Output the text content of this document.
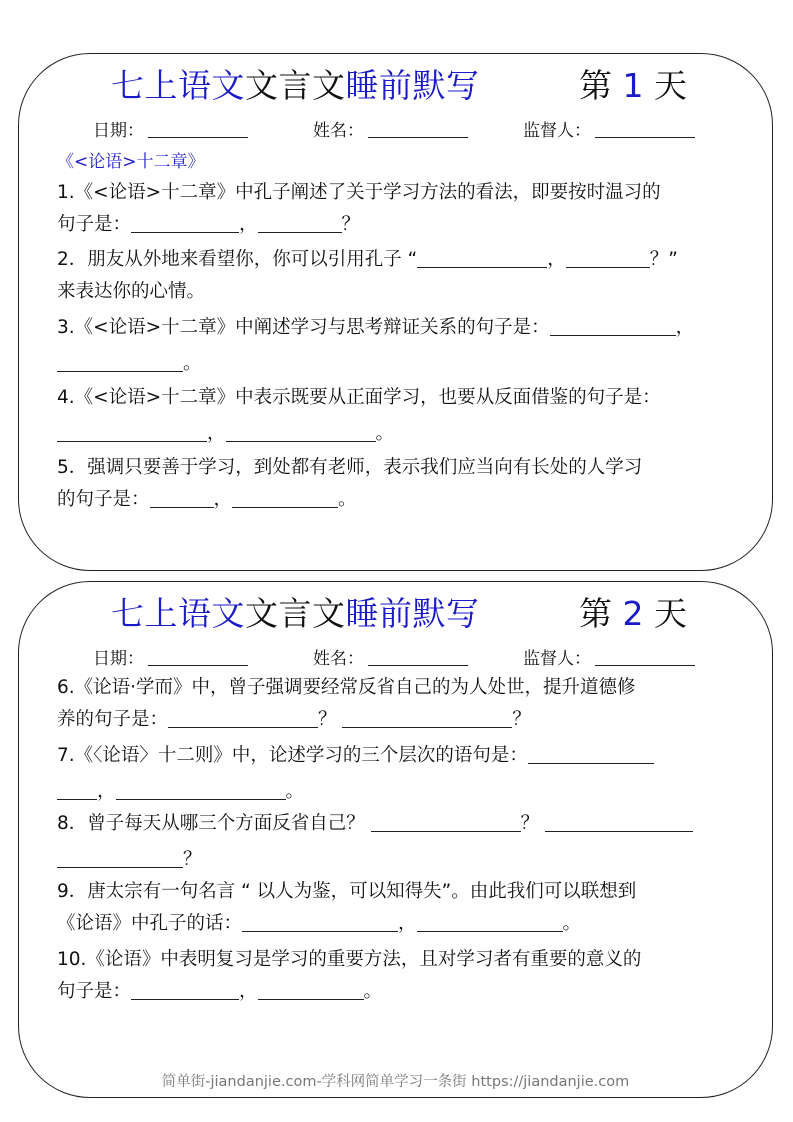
七上语文文言文睡前默写	第 1 天
日期：	姓名：	监督人：
《<论语>十二章》
1.《<论语>十二章》中孔子阐述了关于学习方法的看法，即要按时温习的
句子是：	，	？
2．朋友从外地来看望你，你可以引用孔子 “	，	？”
来表达你的心情。
3.《<论语>十二章》中阐述学习与思考辩证关系的句子是：	，
。
4.《<论语>十二章》中表示既要从正面学习，也要从反面借鉴的句子是：
，	。
5．强调只要善于学习，到处都有老师，表示我们应当向有长处的人学习
的句子是：	，	。
七上语文文言文睡前默写	第 2 天
日期：	姓名：	监督人：
6.《论语·学而》中，曾子强调要经常反省自己的为人处世，提升道德修
养的句子是：	？	？
7.《〈论语〉十二则》中，论述学习的三个层次的语句是：
，	。
8．曾子每天从哪三个方面反省自己？	？
？
9．唐太宗有一句名言 “ 以人为鉴，可以知得失”。由此我们可以联想到
《论语》中孔子的话：	，	。
10.《论语》中表明复习是学习的重要方法，且对学习者有重要的意义的
句子是：	，	。
简单街-jiandanjie.com-学科网简单学习一条街 https://jiandanjie.com
